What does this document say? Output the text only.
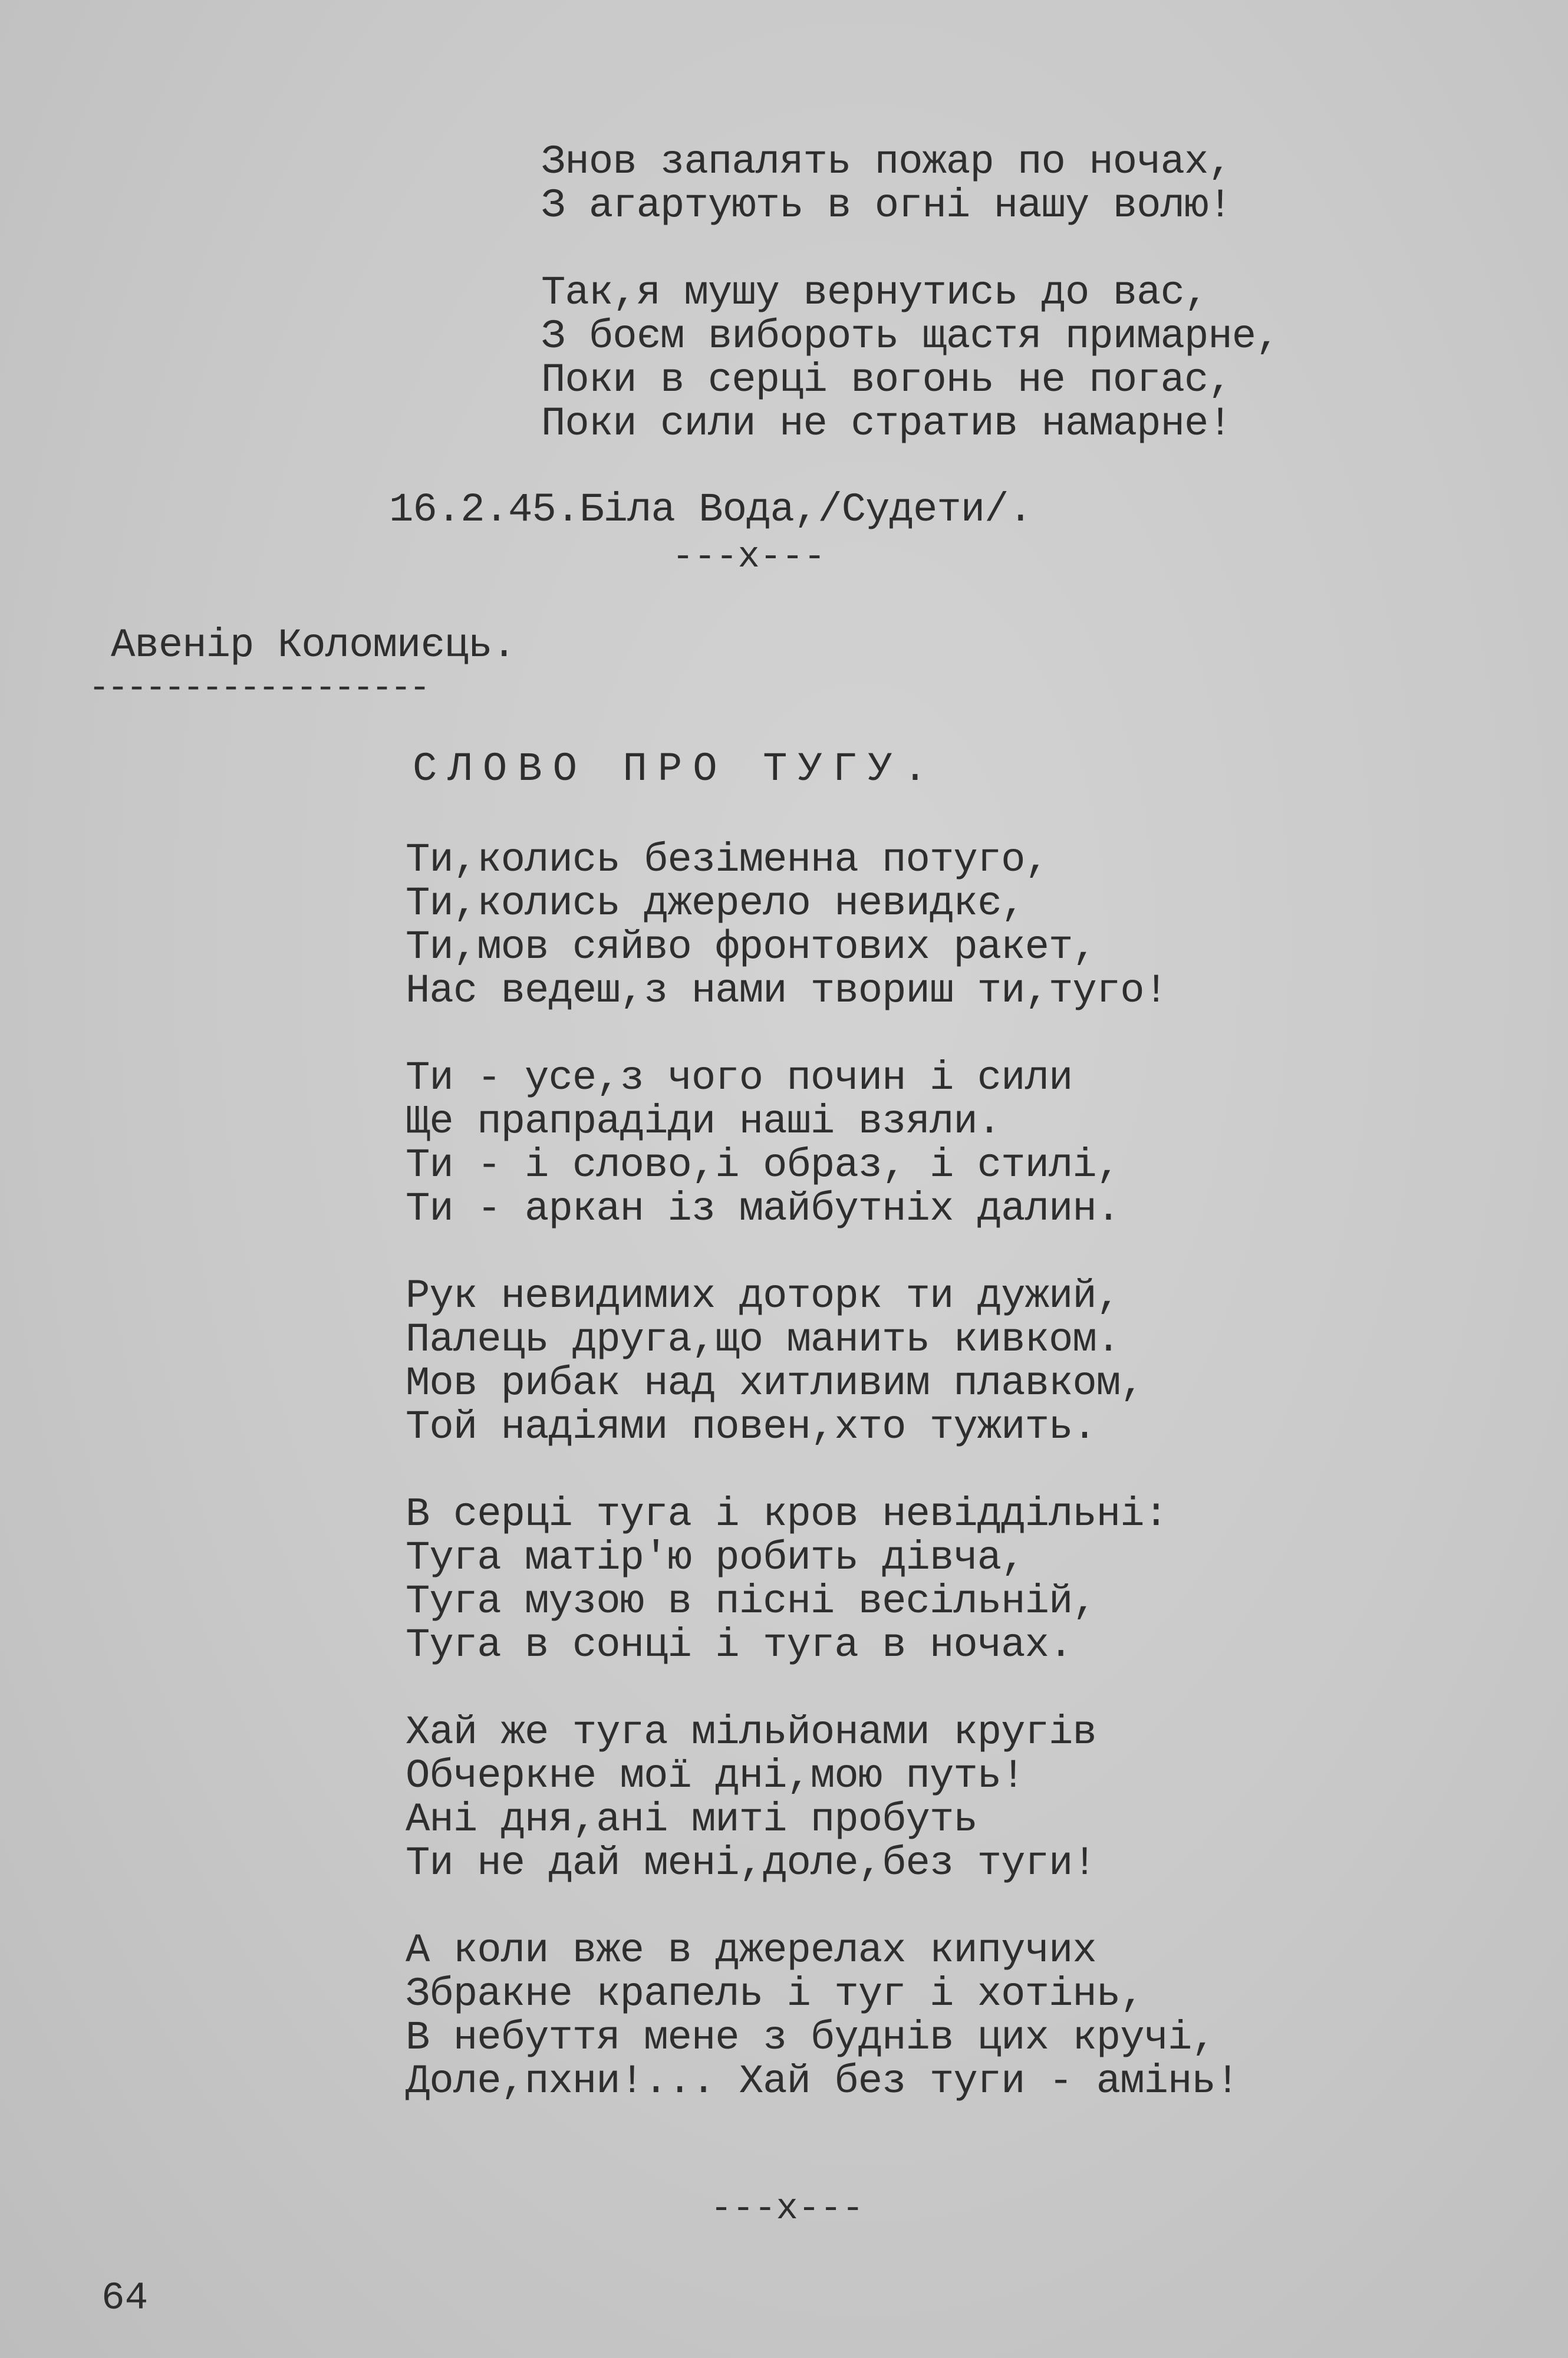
Знов запалять пожар по ночах,
З агартують в огні нашу волю!
Так,я мушу вернутись до вас,
З боєм виборoть щастя примарне,
Поки в серці вогонь не погас,
Поки сили не стратив намарне!
16.2.45.Біла Вода,/Судети/.
---x---
Авенір Коломиєць.
------------------
СЛОВО ПРО ТУГУ.
Ти,колись безіменна потуго,
Ти,колись джерело невидкє,
Ти,мов сяйво фронтових ракет,
Нас ведеш,з нами твориш ти,туго!
Ти - усе,з чого почин і сили
Ще прапрадіди наші взяли.
Ти - і слово,і образ, і стилі,
Ти - аркан із майбутніх далин.
Рук невидимих доторк ти дужий,
Палець друга,що манить кивком.
Мов рибак над хитливим плавком,
Той надіями повен,хто тужить.
В серці туга і кров невіддільні:
Туга матір'ю робить дівча,
Туга музою в пісні весільній,
Туга в сонці і туга в ночах.
Хай же туга мільйонами кругів
Обчеркне мої дні,мою путь!
Ані дня,ані миті пробуть
Ти не дай мені,доле,без туги!
А коли вже в джерелах кипучих
Збракне крапель і туг і хотінь,
В небуття мене з буднів цих кручі,
Доле,пхни!... Хай без туги - амінь!
---x---
64
